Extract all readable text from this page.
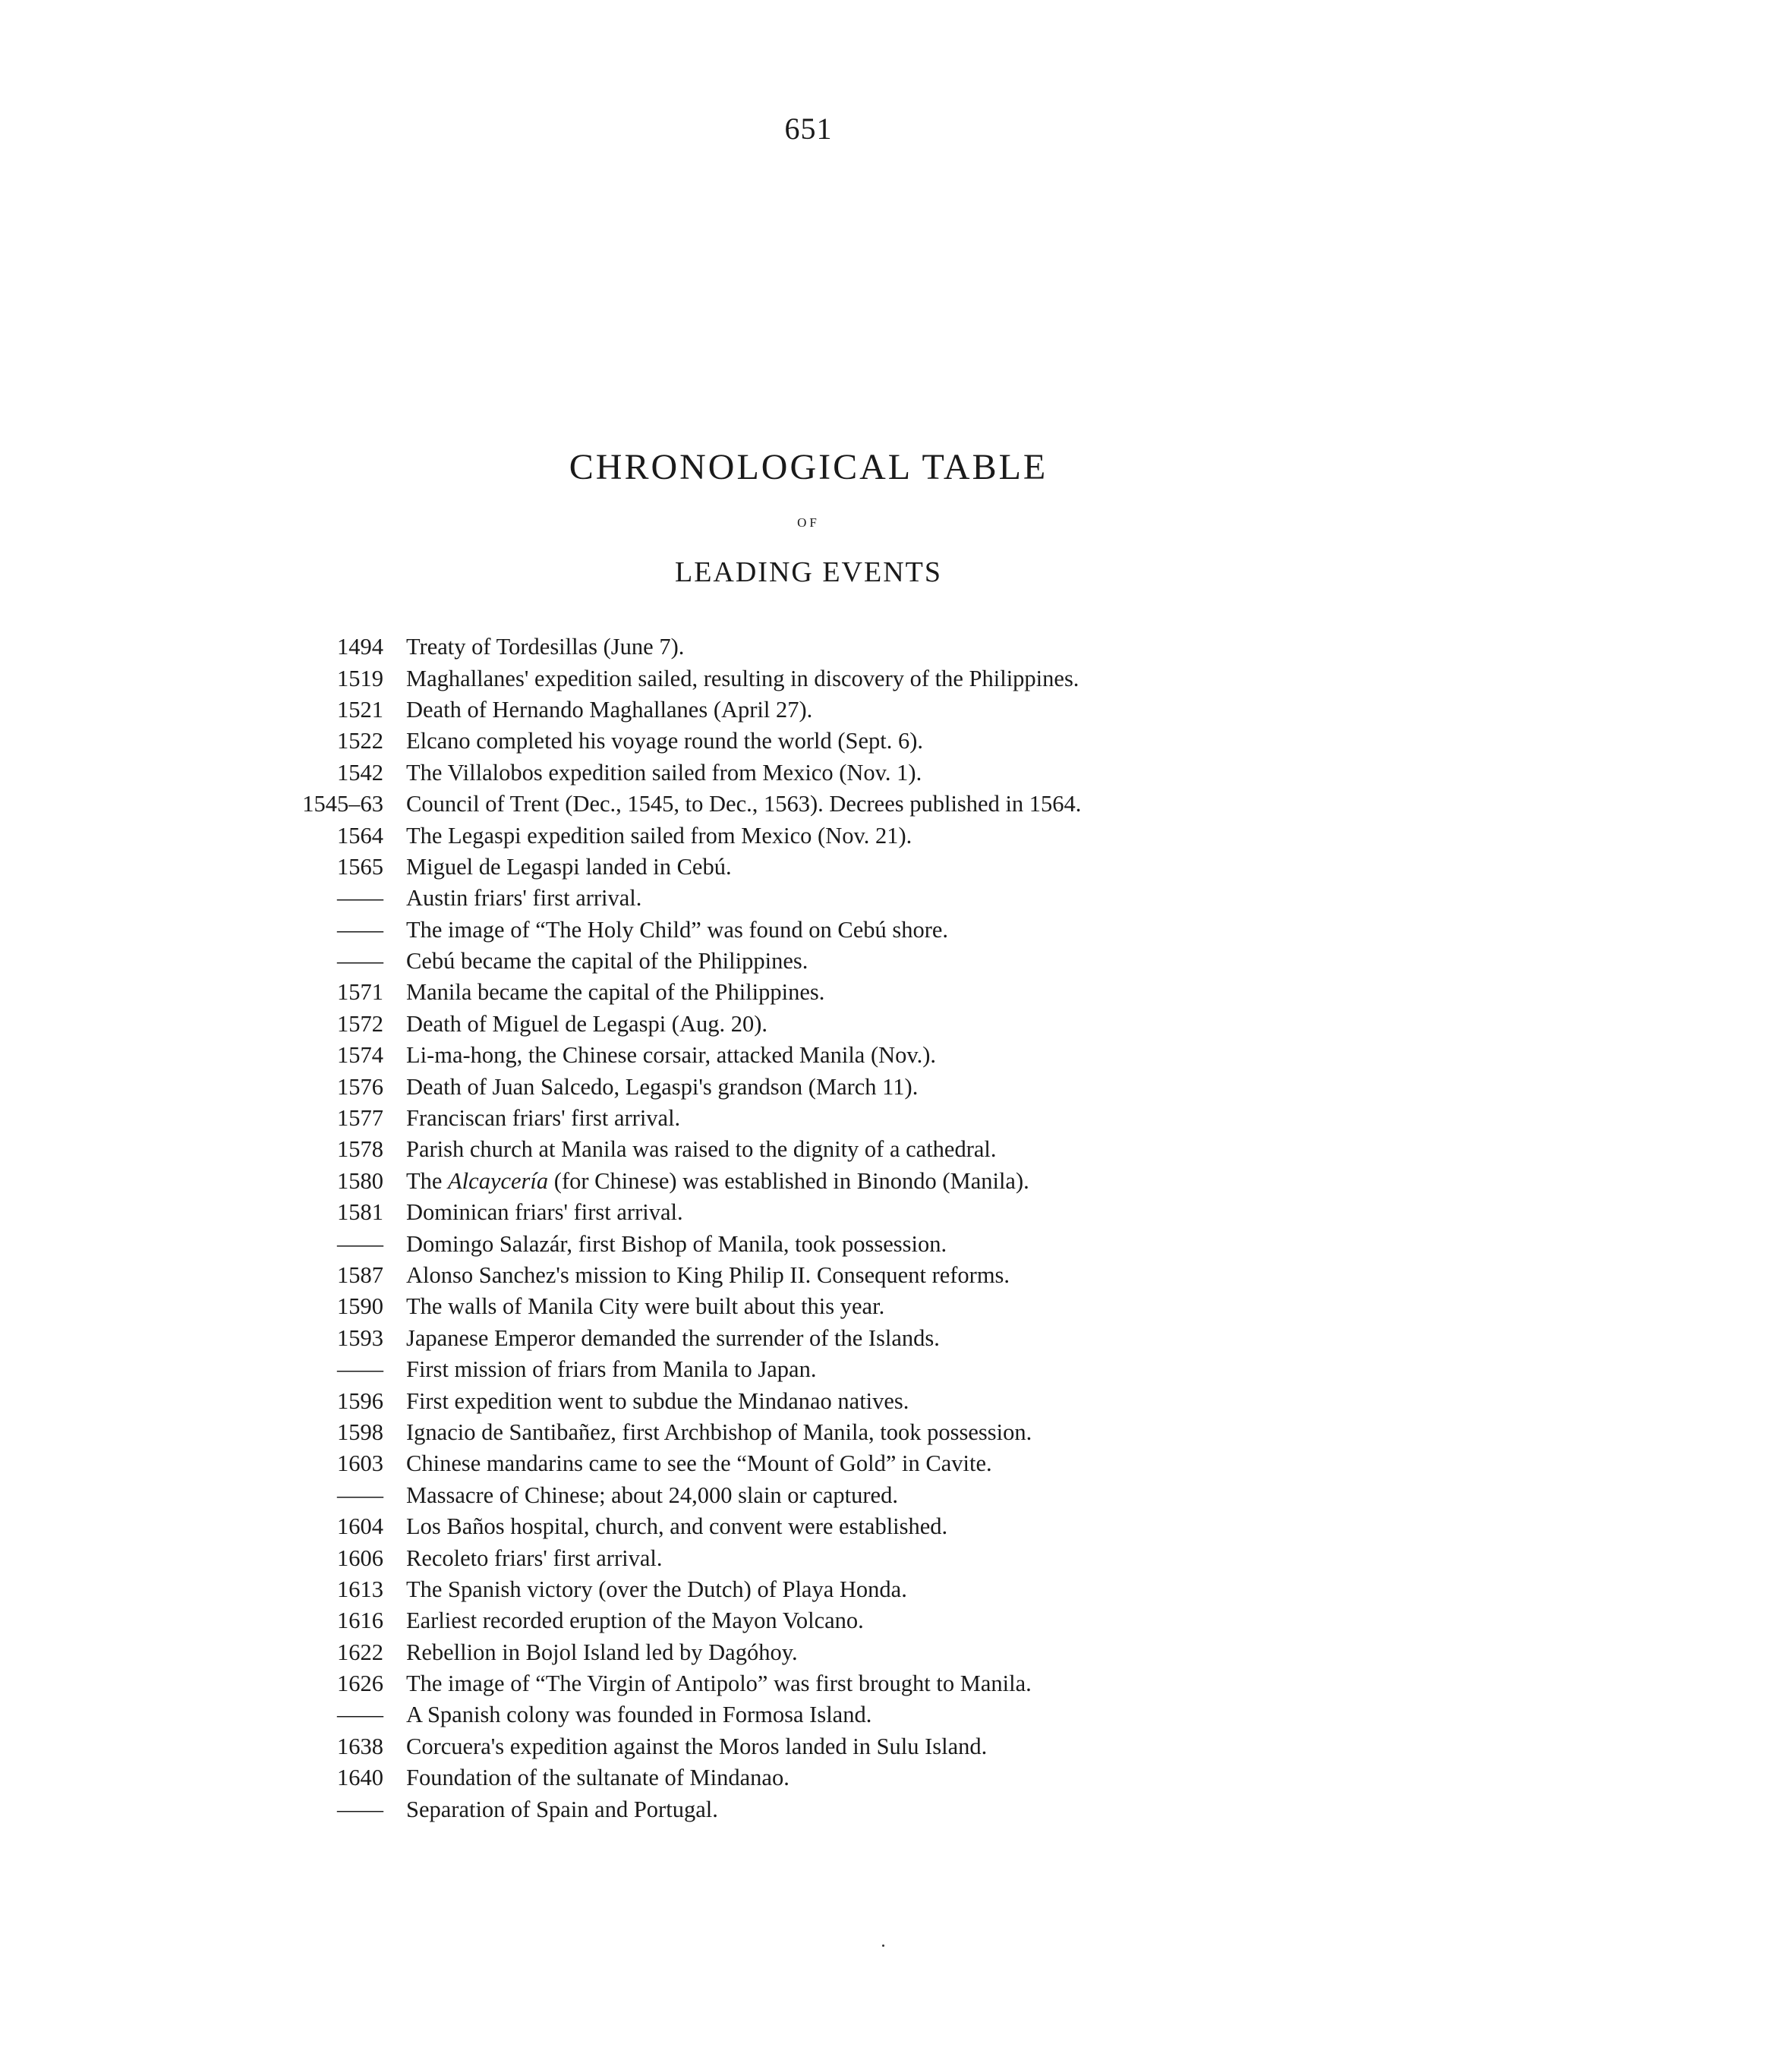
651
CHRONOLOGICAL TABLE
OF
LEADING EVENTS
1494 Treaty of Tordesillas (June 7).
1519 Maghallanes' expedition sailed, resulting in discovery of the Philippines.
1521 Death of Hernando Maghallanes (April 27).
1522 Elcano completed his voyage round the world (Sept. 6).
1542 The Villalobos expedition sailed from Mexico (Nov. 1).
1545–63 Council of Trent (Dec., 1545, to Dec., 1563). Decrees published in 1564.
1564 The Legaspi expedition sailed from Mexico (Nov. 21).
1565 Miguel de Legaspi landed in Cebú.
—— Austin friars' first arrival.
—— The image of “The Holy Child” was found on Cebú shore.
—— Cebú became the capital of the Philippines.
1571 Manila became the capital of the Philippines.
1572 Death of Miguel de Legaspi (Aug. 20).
1574 Li-ma-hong, the Chinese corsair, attacked Manila (Nov.).
1576 Death of Juan Salcedo, Legaspi's grandson (March 11).
1577 Franciscan friars' first arrival.
1578 Parish church at Manila was raised to the dignity of a cathedral.
1580 The Alcaycería (for Chinese) was established in Binondo (Manila).
1581 Dominican friars' first arrival.
—— Domingo Salazár, first Bishop of Manila, took possession.
1587 Alonso Sanchez's mission to King Philip II. Consequent reforms.
1590 The walls of Manila City were built about this year.
1593 Japanese Emperor demanded the surrender of the Islands.
—— First mission of friars from Manila to Japan.
1596 First expedition went to subdue the Mindanao natives.
1598 Ignacio de Santibañez, first Archbishop of Manila, took possession.
1603 Chinese mandarins came to see the “Mount of Gold” in Cavite.
—— Massacre of Chinese; about 24,000 slain or captured.
1604 Los Baños hospital, church, and convent were established.
1606 Recoleto friars' first arrival.
1613 The Spanish victory (over the Dutch) of Playa Honda.
1616 Earliest recorded eruption of the Mayon Volcano.
1622 Rebellion in Bojol Island led by Dagóhoy.
1626 The image of “The Virgin of Antipolo” was first brought to Manila.
—— A Spanish colony was founded in Formosa Island.
1638 Corcuera's expedition against the Moros landed in Sulu Island.
1640 Foundation of the sultanate of Mindanao.
—— Separation of Spain and Portugal.
